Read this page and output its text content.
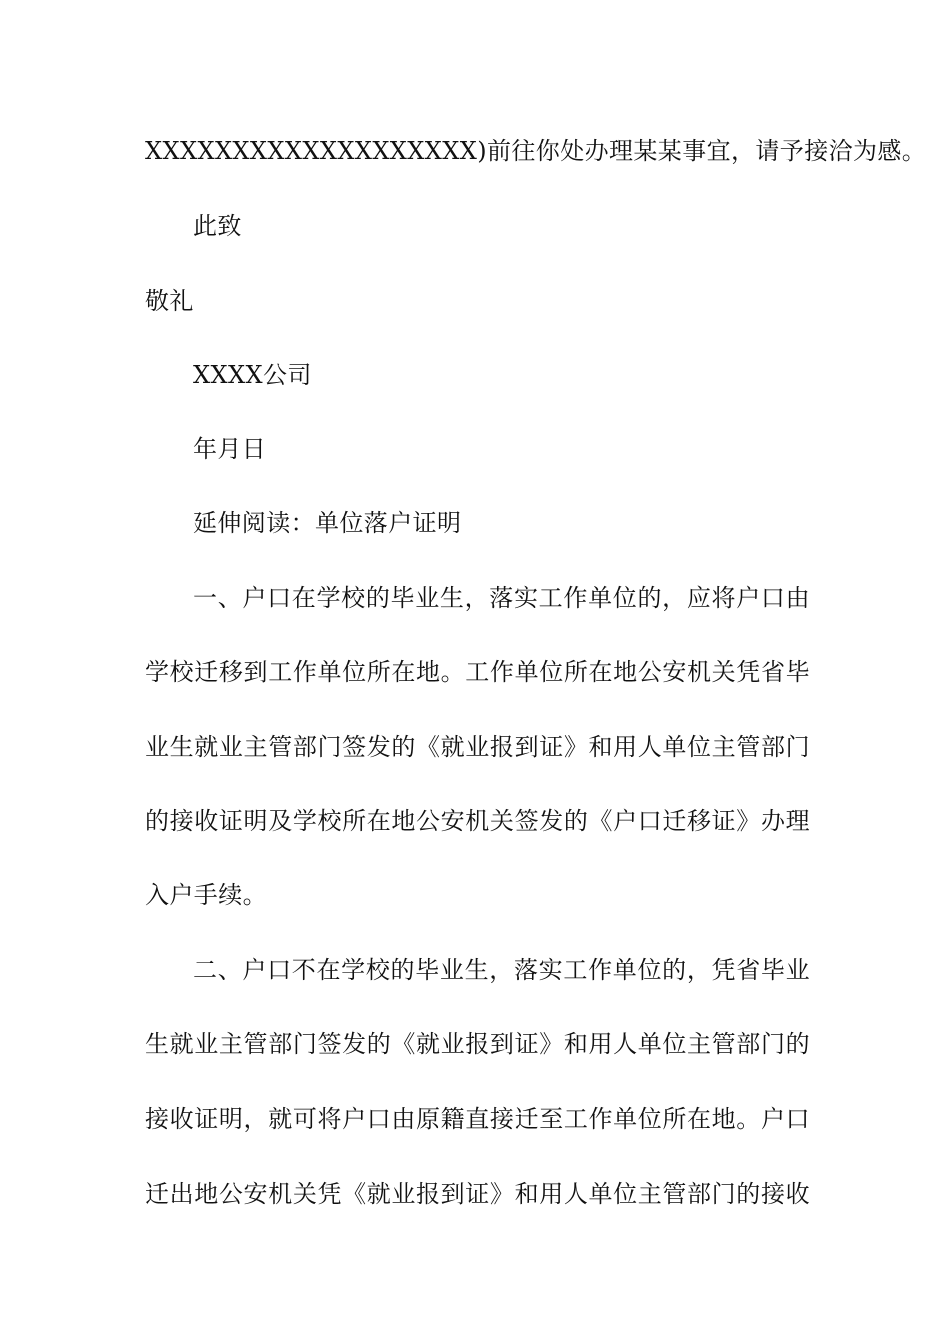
XXXXXXXXXXXXXXXXXXX)前往你处办理某某事宜，请予接洽为感。
此致
敬礼
XXXX公司
年月日
延伸阅读：单位落户证明
一、户口在学校的毕业生，落实工作单位的，应将户口由
学校迁移到工作单位所在地。工作单位所在地公安机关凭省毕
业生就业主管部门签发的《就业报到证》和用人单位主管部门
的接收证明及学校所在地公安机关签发的《户口迁移证》办理
入户手续。
二、户口不在学校的毕业生，落实工作单位的，凭省毕业
生就业主管部门签发的《就业报到证》和用人单位主管部门的
接收证明，就可将户口由原籍直接迁至工作单位所在地。户口
迁出地公安机关凭《就业报到证》和用人单位主管部门的接收
